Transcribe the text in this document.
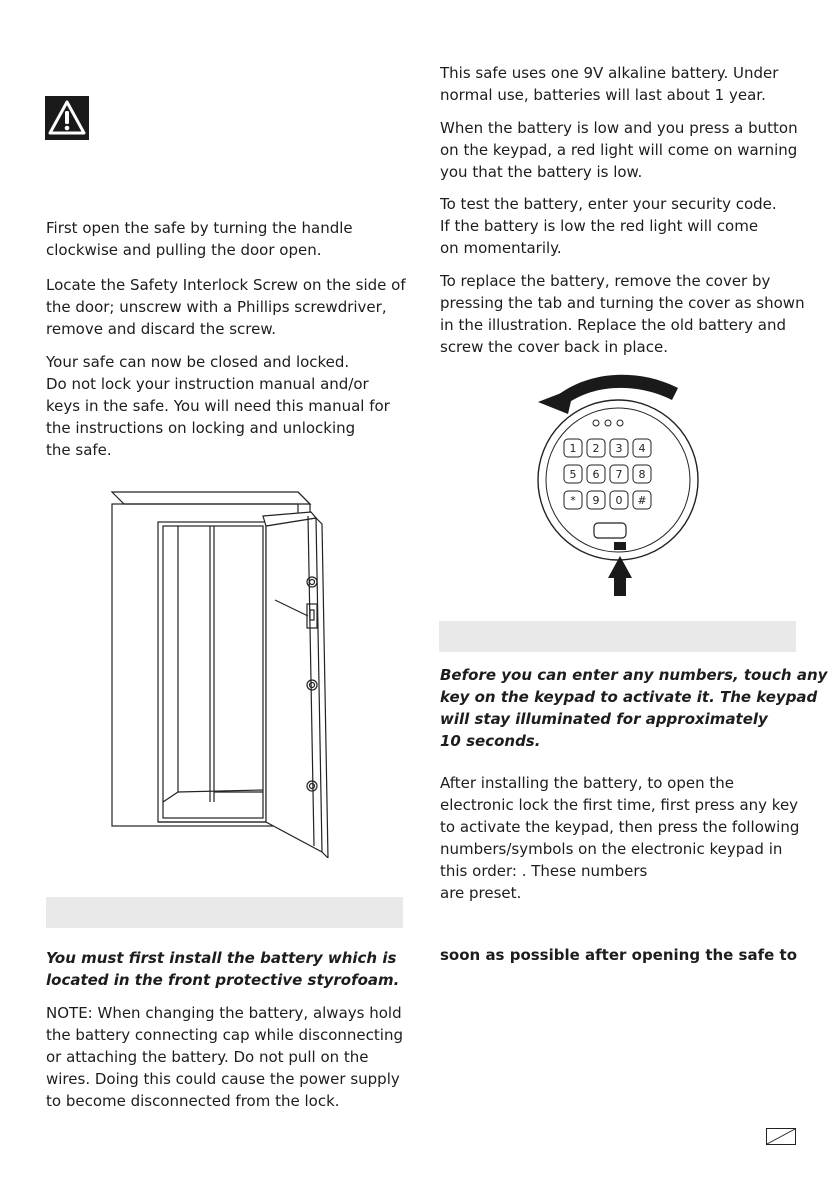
First open the safe by turning the handle
clockwise and pulling the door open.

Locate the Safety Interlock Screw on the side of
the door; unscrew with a Phillips screwdriver,
remove and discard the screw.

Your safe can now be closed and locked.
Do not lock your instruction manual and/or
keys in the safe. You will need this manual for
the instructions on locking and unlocking
the safe.

You must first install the battery which is
located in the front protective styrofoam.

NOTE: When changing the battery, always hold
the battery connecting cap while disconnecting
or attaching the battery. Do not pull on the
wires. Doing this could cause the power supply
to become disconnected from the lock.

This safe uses one 9V alkaline battery. Under
normal use, batteries will last about 1 year.

When the battery is low and you press a button
on the keypad, a red light will come on warning
you that the battery is low.

To test the battery, enter your security code.
If the battery is low the red light will come
on momentarily.

To replace the battery, remove the cover by
pressing the tab and turning the cover as shown
in the illustration. Replace the old battery and
screw the cover back in place.

1 2 3 4
5 6 7 8
* 9 0 #

Before you can enter any numbers, touch any
key on the keypad to activate it. The keypad
will stay illuminated for approximately
10 seconds.

After installing the battery, to open the
electronic lock the first time, first press any key
to activate the keypad, then press the following
numbers/symbols on the electronic keypad in
this order: . These numbers
are preset.

soon as possible after opening the safe to
